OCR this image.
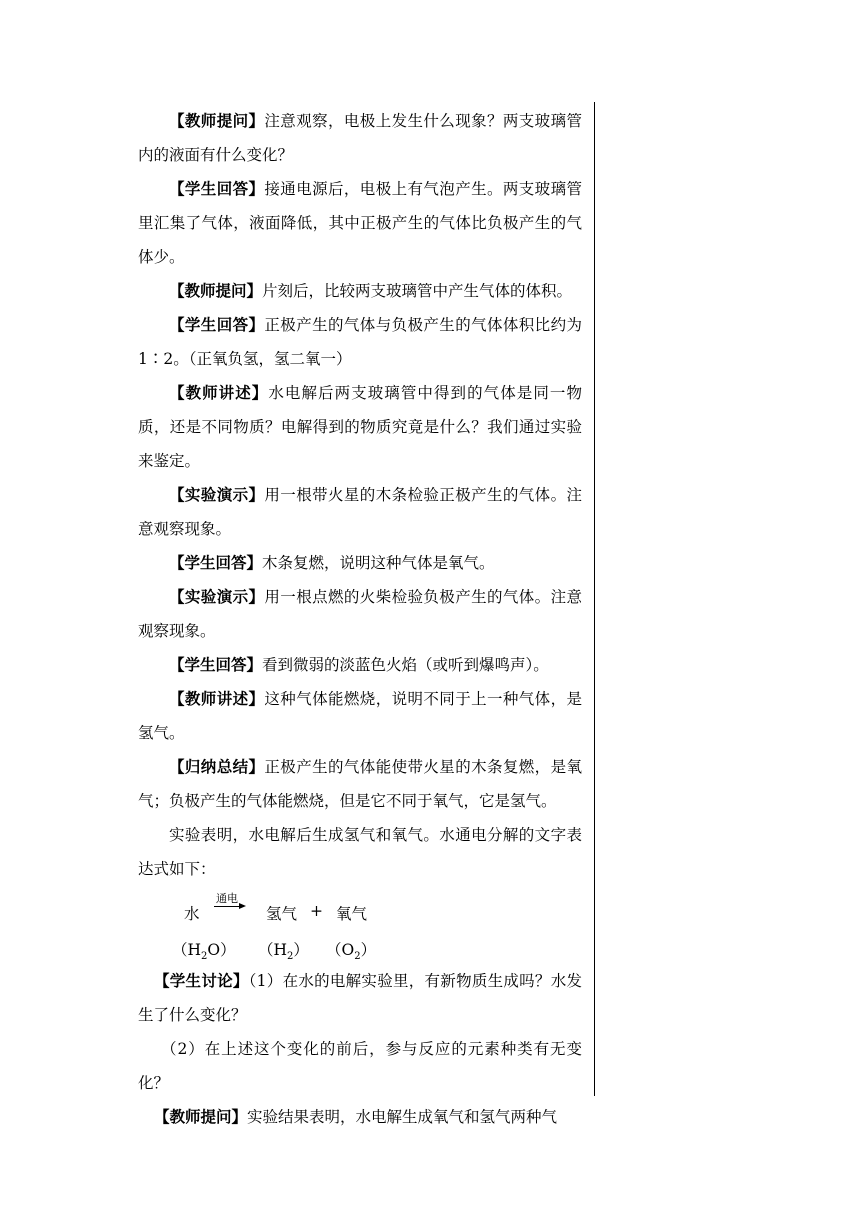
【教师提问】注意观察，电极上发生什么现象？两支玻璃管内的液面有什么变化？

【学生回答】接通电源后，电极上有气泡产生。两支玻璃管里汇集了气体，液面降低，其中正极产生的气体比负极产生的气体少。

【教师提问】片刻后，比较两支玻璃管中产生气体的体积。

【学生回答】正极产生的气体与负极产生的气体体积比约为 1∶2。（正氧负氢，氢二氧一）

【教师讲述】水电解后两支玻璃管中得到的气体是同一物质，还是不同物质？电解得到的物质究竟是什么？我们通过实验来鉴定。

【实验演示】用一根带火星的木条检验正极产生的气体。注意观察现象。

【学生回答】木条复燃，说明这种气体是氧气。

【实验演示】用一根点燃的火柴检验负极产生的气体。注意观察现象。

【学生回答】看到微弱的淡蓝色火焰（或听到爆鸣声）。

【教师讲述】这种气体能燃烧，说明不同于上一种气体，是氢气。

【归纳总结】正极产生的气体能使带火星的木条复燃，是氧气；负极产生的气体能燃烧，但是它不同于氧气，它是氢气。

实验表明，水电解后生成氢气和氧气。水通电分解的文字表达式如下：

水
通电
氢气 + 氧气
$(H_2O)$ $(H_2)$ $(O_2)$

【学生讨论】（1）在水的电解实验里，有新物质生成吗？水发生了什么变化？

（2）在上述这个变化的前后，参与反应的元素种类有无变化？

【教师提问】实验结果表明，水电解生成氧气和氢气两种气
